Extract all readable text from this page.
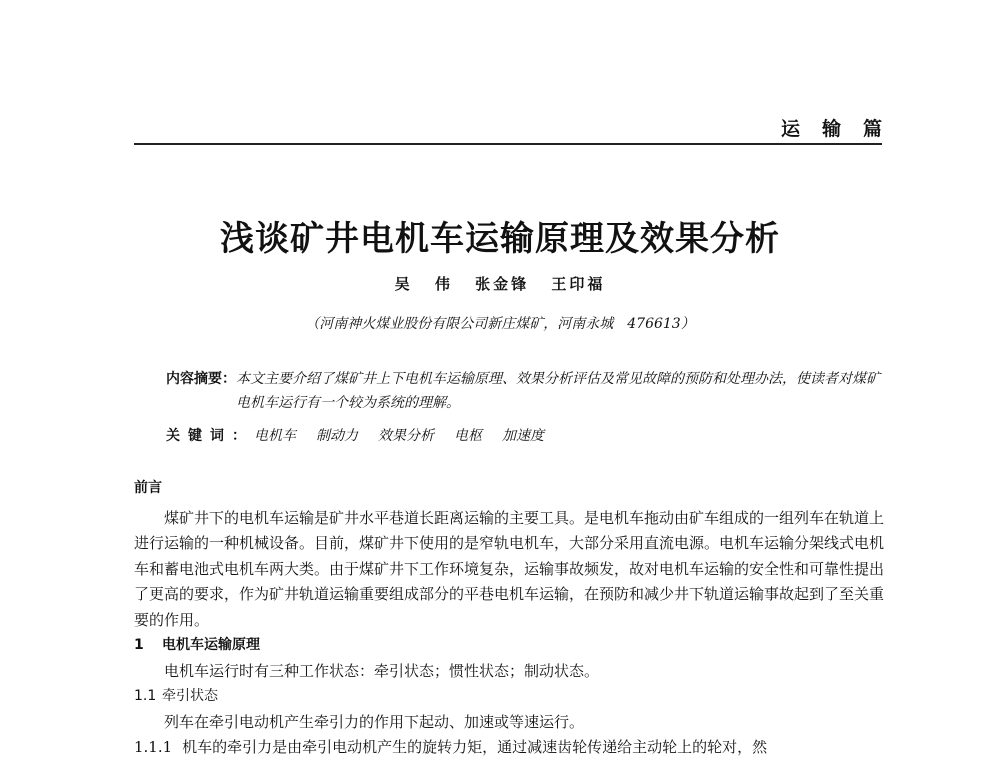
运输篇
浅谈矿井电机车运输原理及效果分析
吴 伟 张金锋 王印福
（河南神火煤业股份有限公司新庄煤矿，河南永城　476613）
内容摘要： 本文主要介绍了煤矿井上下电机车运输原理、效果分析评估及常见故障的预防和处理办法，使读者对煤矿电机车运行有一个较为系统的理解。
关键词： 电机车 制动力 效果分析 电枢 加速度
前言
煤矿井下的电机车运输是矿井水平巷道长距离运输的主要工具。是电机车拖动由矿车组成的一组列车在轨道上进行运输的一种机械设备。目前，煤矿井下使用的是窄轨电机车，大部分采用直流电源。电机车运输分架线式电机车和蓄电池式电机车两大类。由于煤矿井下工作环境复杂，运输事故频发，故对电机车运输的安全性和可靠性提出了更高的要求，作为矿井轨道运输重要组成部分的平巷电机车运输，在预防和减少井下轨道运输事故起到了至关重要的作用。
1 电机车运输原理
电机车运行时有三种工作状态：牵引状态；惯性状态；制动状态。
1.1 牵引状态
列车在牵引电动机产生牵引力的作用下起动、加速或等速运行。
1.1.1 机车的牵引力是由牵引电动机产生的旋转力矩，通过减速齿轮传递给主动轮上的轮对，然
